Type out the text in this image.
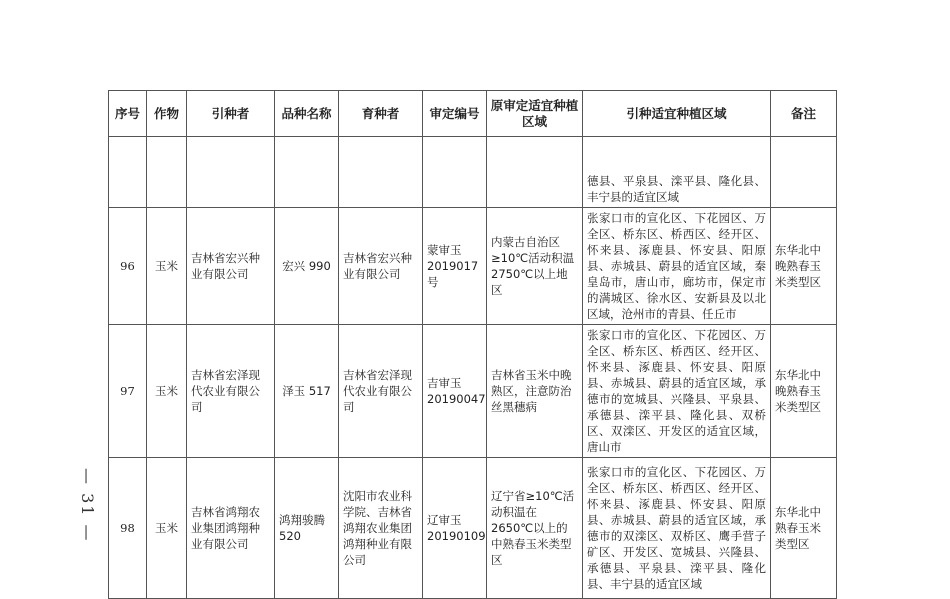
— 31 —
序号	作物	引种者	品种名称	育种者	审定编号	原审定适宜种植区域	引种适宜种植区域	备注
							德县、平泉县、滦平县、隆化县、丰宁县的适宜区域	
96	玉米	吉林省宏兴种业有限公司	宏兴 990	吉林省宏兴种业有限公司	蒙审玉2019017号	内蒙古自治区≥10℃活动积温 2750℃以上地区	张家口市的宣化区、下花园区、万全区、桥东区、桥西区、经开区、怀来县、涿鹿县、怀安县、阳原县、赤城县、蔚县的适宜区域，秦皇岛市，唐山市，廊坊市，保定市的满城区、徐水区、安新县及以北区域，沧州市的青县、任丘市	东华北中晚熟春玉米类型区
97	玉米	吉林省宏泽现代农业有限公司	泽玉 517	吉林省宏泽现代农业有限公司	吉审玉20190047	吉林省玉米中晚熟区，注意防治丝黑穗病	张家口市的宣化区、下花园区、万全区、桥东区、桥西区、经开区、怀来县、涿鹿县、怀安县、阳原县、赤城县、蔚县的适宜区域，承德市的宽城县、兴隆县、平泉县、承德县、滦平县、隆化县、双桥区、双滦区、开发区的适宜区域，唐山市	东华北中晚熟春玉米类型区
98	玉米	吉林省鸿翔农业集团鸿翔种业有限公司	鸿翔骏腾520	沈阳市农业科学院、吉林省鸿翔农业集团鸿翔种业有限公司	辽审玉20190109	辽宁省≥10℃活动积温在2650℃以上的中熟春玉米类型区	张家口市的宣化区、下花园区、万全区、桥东区、桥西区、经开区、怀来县、涿鹿县、怀安县、阳原县、赤城县、蔚县的适宜区域，承德市的双滦区、双桥区、鹰手营子矿区、开发区、宽城县、兴隆县、承德县、平泉县、滦平县、隆化县、丰宁县的适宜区域	东华北中熟春玉米类型区
